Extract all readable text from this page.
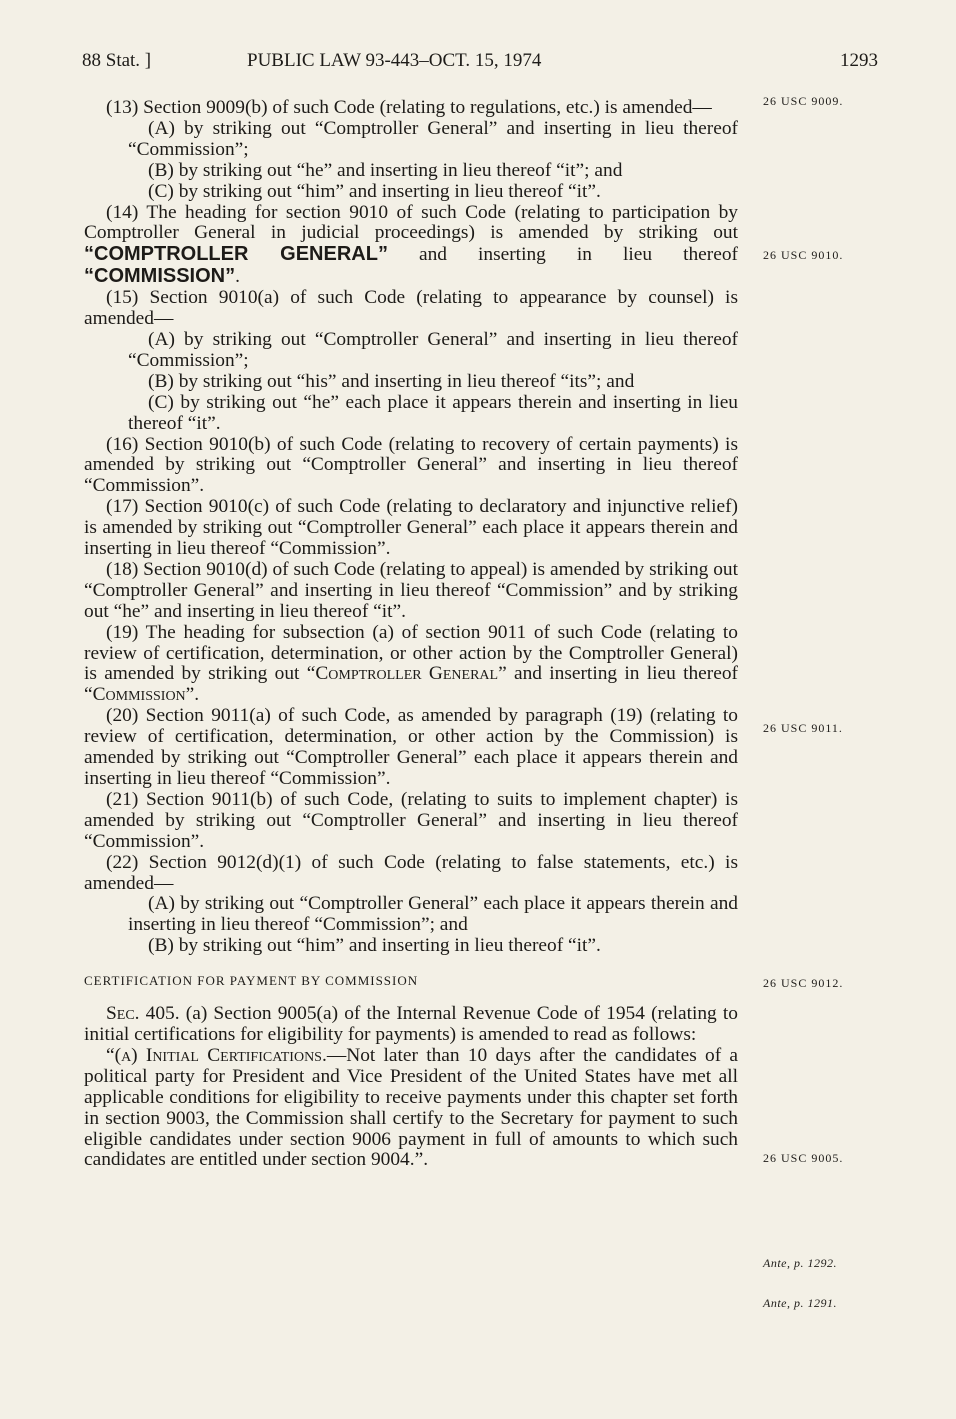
88 Stat. ]	PUBLIC LAW 93-443–OCT. 15, 1974	1293

(13) Section 9009(b) of such Code (relating to regulations, etc.) is amended—

(A) by striking out “Comptroller General” and inserting in lieu thereof “Commission”;

(B) by striking out “he” and inserting in lieu thereof “it”; and

(C) by striking out “him” and inserting in lieu thereof “it”.

(14) The heading for section 9010 of such Code (relating to participation by Comptroller General in judicial proceedings) is amended by striking out “COMPTROLLER GENERAL” and inserting in lieu thereof “COMMISSION”.

(15) Section 9010(a) of such Code (relating to appearance by counsel) is amended—

(A) by striking out “Comptroller General” and inserting in lieu thereof “Commission”;

(B) by striking out “his” and inserting in lieu thereof “its”; and

(C) by striking out “he” each place it appears therein and inserting in lieu thereof “it”.

(16) Section 9010(b) of such Code (relating to recovery of certain payments) is amended by striking out “Comptroller General” and inserting in lieu thereof “Commission”.

(17) Section 9010(c) of such Code (relating to declaratory and injunctive relief) is amended by striking out “Comptroller General” each place it appears therein and inserting in lieu thereof “Commission”.

(18) Section 9010(d) of such Code (relating to appeal) is amended by striking out “Comptroller General” and inserting in lieu thereof “Commission” and by striking out “he” and inserting in lieu thereof “it”.

(19) The heading for subsection (a) of section 9011 of such Code (relating to review of certification, determination, or other action by the Comptroller General) is amended by striking out “Comptroller General” and inserting in lieu thereof “Commission”.

(20) Section 9011(a) of such Code, as amended by paragraph (19) (relating to review of certification, determination, or other action by the Commission) is amended by striking out “Comptroller General” each place it appears therein and inserting in lieu thereof “Commission”.

(21) Section 9011(b) of such Code, (relating to suits to implement chapter) is amended by striking out “Comptroller General” and inserting in lieu thereof “Commission”.

(22) Section 9012(d)(1) of such Code (relating to false statements, etc.) is amended—

(A) by striking out “Comptroller General” each place it appears therein and inserting in lieu thereof “Commission”; and

(B) by striking out “him” and inserting in lieu thereof “it”.

CERTIFICATION FOR PAYMENT BY COMMISSION

Sec. 405. (a) Section 9005(a) of the Internal Revenue Code of 1954 (relating to initial certifications for eligibility for payments) is amended to read as follows:

“(a) Initial Certifications.—Not later than 10 days after the candidates of a political party for President and Vice President of the United States have met all applicable conditions for eligibility to receive payments under this chapter set forth in section 9003, the Commission shall certify to the Secretary for payment to such eligible candidates under section 9006 payment in full of amounts to which such candidates are entitled under section 9004.”.

26 USC 9009.
26 USC 9010.
26 USC 9011.
26 USC 9012.
26 USC 9005.
Ante, p. 1292.
Ante, p. 1291.
